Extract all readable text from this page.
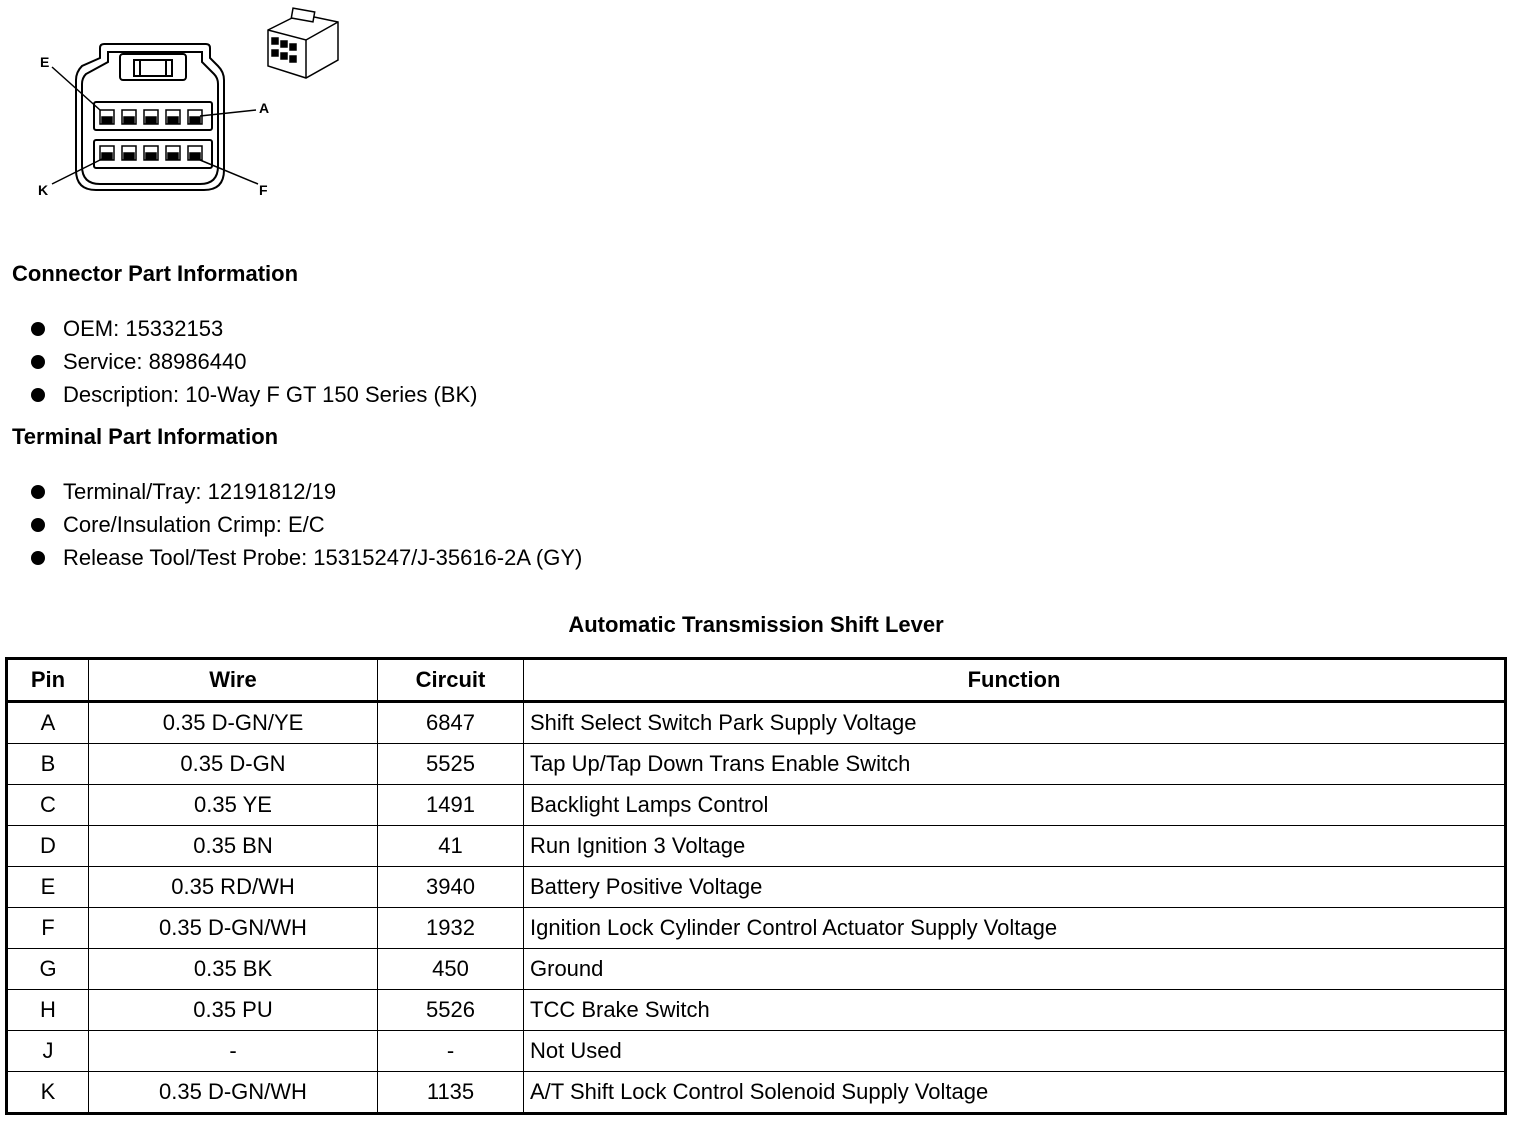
E
A
K	F
Connector Part Information
OEM: 15332153
Service: 88986440
Description: 10-Way F GT 150 Series (BK)
Terminal Part Information
Terminal/Tray: 12191812/19
Core/Insulation Crimp: E/C
Release Tool/Test Probe: 15315247/J-35616-2A (GY)
Automatic Transmission Shift Lever
Pin	Wire	Circuit	Function
A	0.35 D-GN/YE	6847	Shift Select Switch Park Supply Voltage
B	0.35 D-GN	5525	Tap Up/Tap Down Trans Enable Switch
C	0.35 YE	1491	Backlight Lamps Control
D	0.35 BN	41	Run Ignition 3 Voltage
E	0.35 RD/WH	3940	Battery Positive Voltage
F	0.35 D-GN/WH	1932	Ignition Lock Cylinder Control Actuator Supply Voltage
G	0.35 BK	450	Ground
H	0.35 PU	5526	TCC Brake Switch
J	-	-	Not Used
K	0.35 D-GN/WH	1135	A/T Shift Lock Control Solenoid Supply Voltage
